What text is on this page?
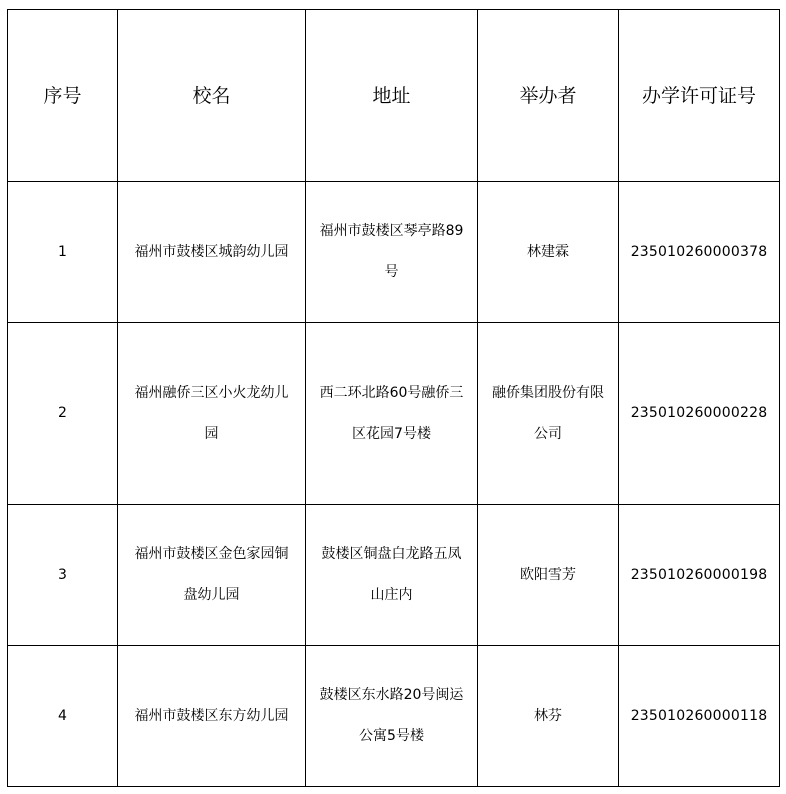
序号	校名	地址	举办者	办学许可证号
1	福州市鼓楼区城韵幼儿园	福州市鼓楼区琴亭路89号	林建霖	235010260000378
2	福州融侨三区小火龙幼儿园	西二环北路60号融侨三区花园7号楼	融侨集团股份有限公司	235010260000228
3	福州市鼓楼区金色家园铜盘幼儿园	鼓楼区铜盘白龙路五凤山庄内	欧阳雪芳	235010260000198
4	福州市鼓楼区东方幼儿园	鼓楼区东水路20号闽运公寓5号楼	林芬	235010260000118
